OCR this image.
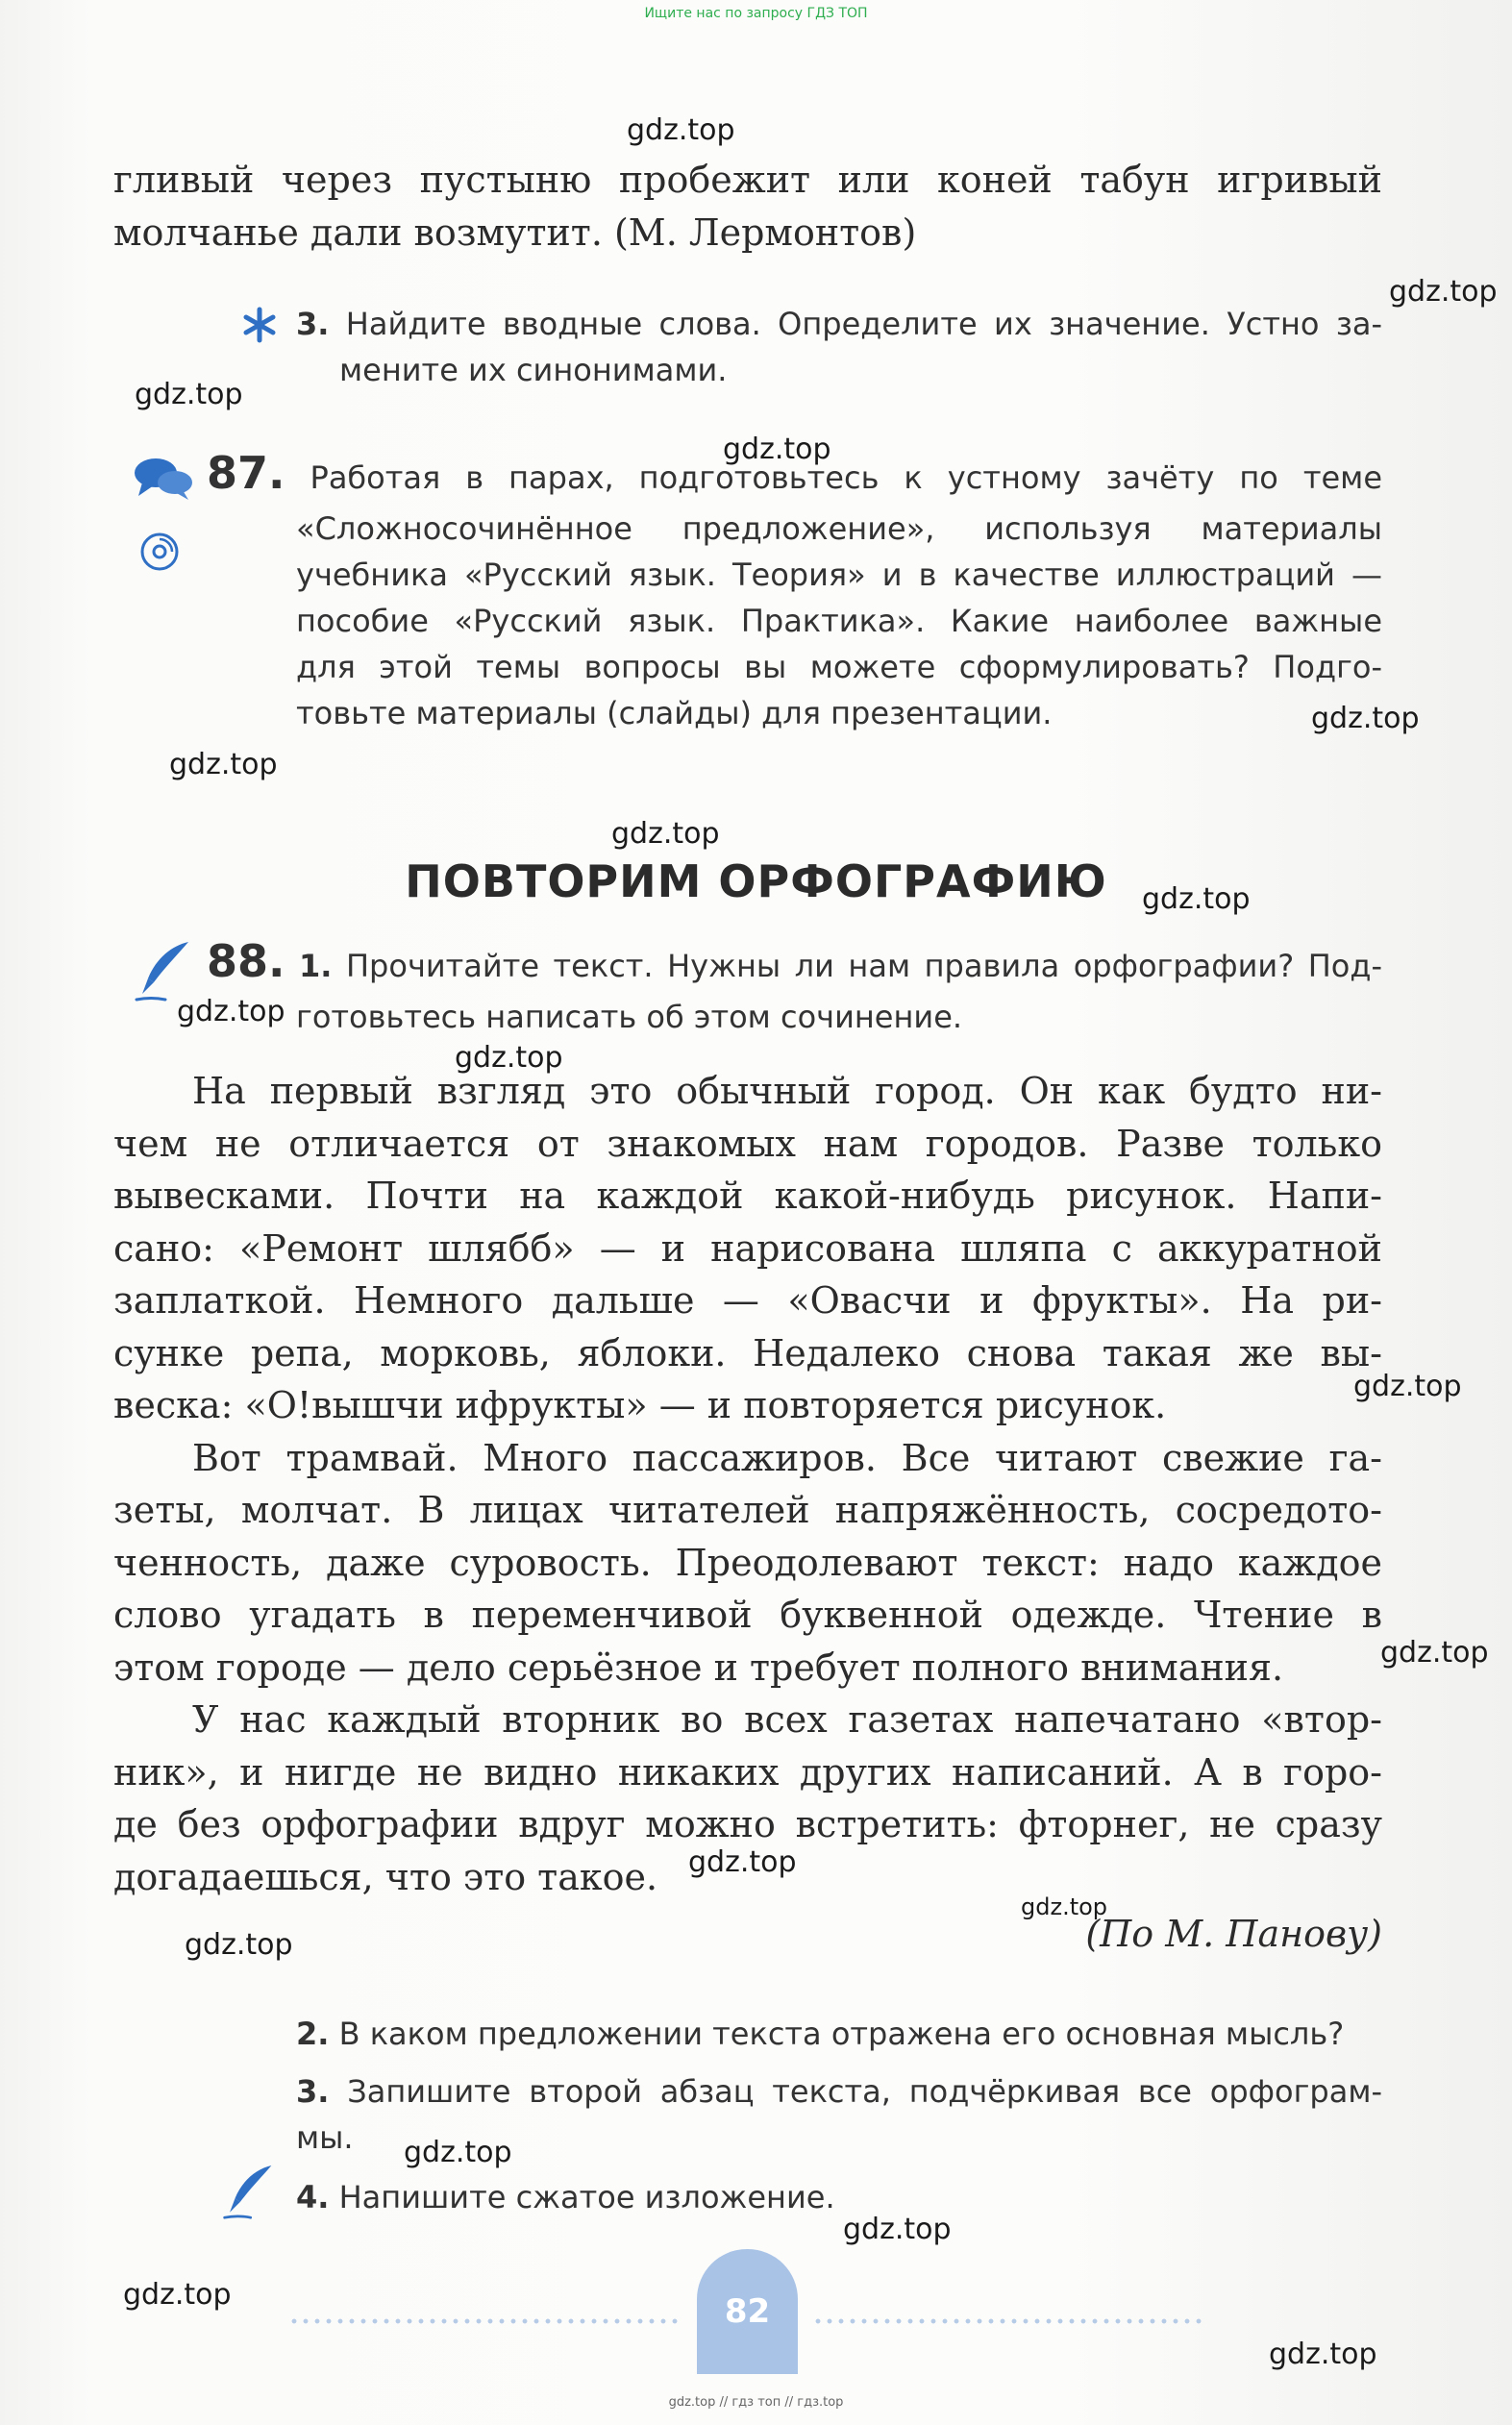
Ищите нас по запросу ГДЗ ТОП

гливый через пустыню пробежит или коней табун игривый
молчанье дали возмутит. (М. Лермонтов)

3. Найдите вводные слова. Определите их значение. Устно за-
мените их синонимами.
87. Работая в парах, подготовьтесь к устному зачёту по теме
«Сложносочинённое предложение», используя материалы
учебника «Русский язык. Теория» и в качестве иллюстраций —
пособие «Русский язык. Практика». Какие наиболее важные
для этой темы вопросы вы можете сформулировать? Подго-
товьте материалы (слайды) для презентации.
ПОВТОРИМ ОРФОГРАФИЮ
88. 1. Прочитайте текст. Нужны ли нам правила орфографии? Под-
готовьтесь написать об этом сочинение.

На первый взгляд это обычный город. Он как будто ни-
чем не отличается от знакомых нам городов. Разве только
вывесками. Почти на каждой какой-нибудь рисунок. Напи-
сано: «Ремонт шлябб» — и нарисована шляпа с аккуратной
заплаткой. Немного дальше — «Овасчи и фрукты». На ри-
сунке репа, морковь, яблоки. Недалеко снова такая же вы-
веска: «О!вышчи ифрукты» — и повторяется рисунок.
Вот трамвай. Много пассажиров. Все читают свежие га-
зеты, молчат. В лицах читателей напряжённость, сосредото-
ченность, даже суровость. Преодолевают текст: надо каждое
слово угадать в переменчивой буквенной одежде. Чтение в
этом городе — дело серьёзное и требует полного внимания.
У нас каждый вторник во всех газетах напечатано «втор-
ник», и нигде не видно никаких других написаний. А в горо-
де без орфографии вдруг можно встретить: фторнег, не сразу
догадаешься, что это такое.

(По М. Панову)
2. В каком предложении текста отражена его основная мысль?
3. Запишите второй абзац текста, подчёркивая все орфограм-
мы.
4. Напишите сжатое изложение.
82
gdz.top
gdz.top
gdz.top
gdz.top
gdz.top
gdz.top
gdz.top
gdz.top
gdz.top
gdz.top
gdz.top
gdz.top
gdz.top
gdz.top
gdz.top
gdz.top
gdz.top
gdz.top
gdz.top
gdz.top // гдз топ // гдз.top
